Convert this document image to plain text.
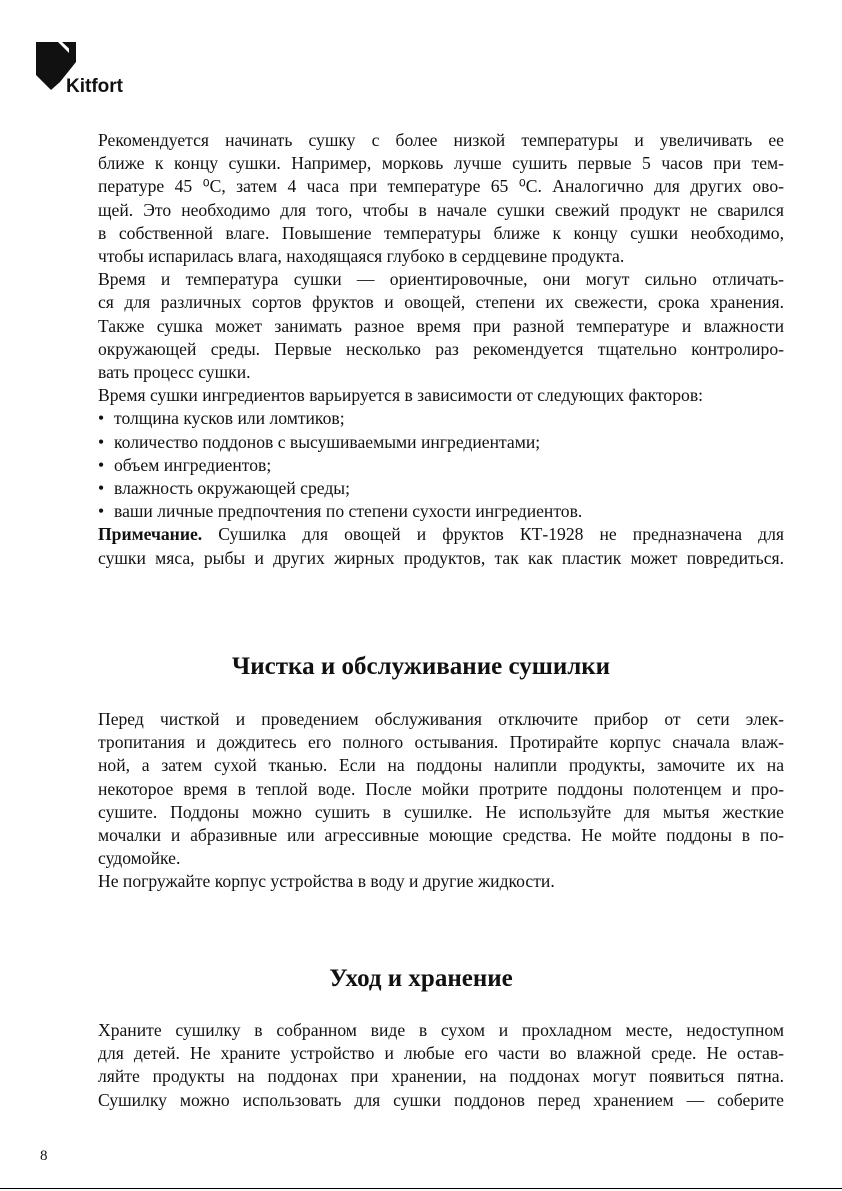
Kitfort
Рекомендуется начинать сушку с более низкой температуры и увеличивать ее
ближе к концу сушки. Например, морковь лучше сушить первые 5 часов при тем-
пературе 45 ⁰С, затем 4 часа при температуре 65 ⁰С. Аналогично для других ово-
щей. Это необходимо для того, чтобы в начале сушки свежий продукт не сварился
в собственной влаге. Повышение температуры ближе к концу сушки необходимо,
чтобы испарилась влага, находящаяся глубоко в сердцевине продукта.
Время и температура сушки — ориентировочные, они могут сильно отличать-
ся для различных сортов фруктов и овощей, степени их свежести, срока хранения.
Также сушка может занимать разное время при разной температуре и влажности
окружающей среды. Первые несколько раз рекомендуется тщательно контролиро-
вать процесс сушки.
Время сушки ингредиентов варьируется в зависимости от следующих факторов:
• толщина кусков или ломтиков;
• количество поддонов с высушиваемыми ингредиентами;
• объем ингредиентов;
• влажность окружающей среды;
• ваши личные предпочтения по степени сухости ингредиентов.
Примечание. Сушилка для овощей и фруктов КТ-1928 не предназначена для
сушки мяса, рыбы и других жирных продуктов, так как пластик может повредиться.
Чистка и обслуживание сушилки
Перед чисткой и проведением обслуживания отключите прибор от сети элек-
тропитания и дождитесь его полного остывания. Протирайте корпус сначала влаж-
ной, а затем сухой тканью. Если на поддоны налипли продукты, замочите их на
некоторое время в теплой воде. После мойки протрите поддоны полотенцем и про-
сушите. Поддоны можно сушить в сушилке. Не используйте для мытья жесткие
мочалки и абразивные или агрессивные моющие средства. Не мойте поддоны в по-
судомойке.
Не погружайте корпус устройства в воду и другие жидкости.
Уход и хранение
Храните сушилку в собранном виде в сухом и прохладном месте, недоступном
для детей. Не храните устройство и любые его части во влажной среде. Не остав-
ляйте продукты на поддонах при хранении, на поддонах могут появиться пятна.
Сушилку можно использовать для сушки поддонов перед хранением — соберите
8
